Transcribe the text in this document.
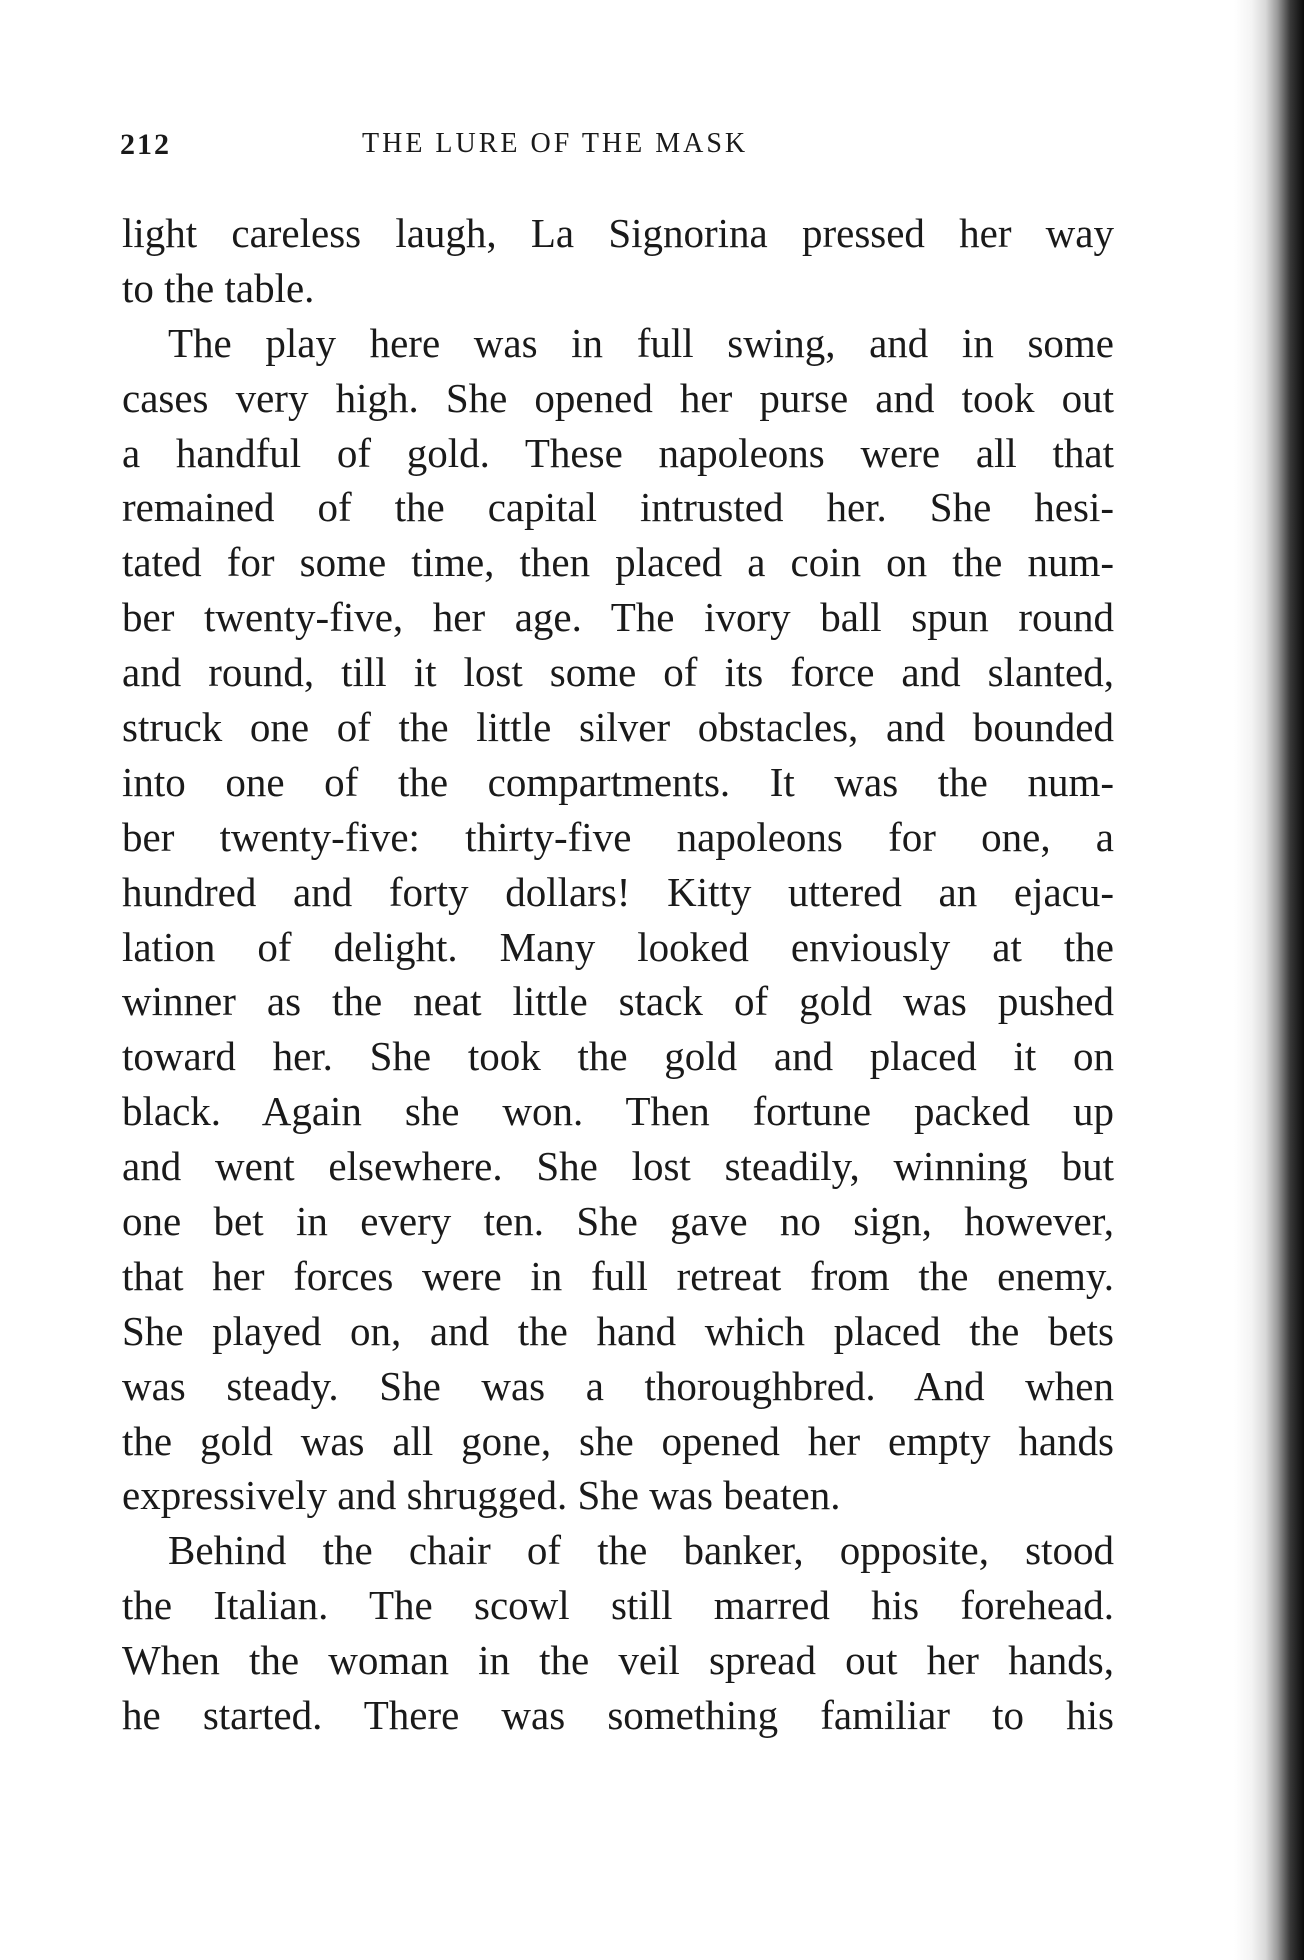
212	THE LURE OF THE MASK
light careless laugh, La Signorina pressed her way
to the table.
The play here was in full swing, and in some
cases very high. She opened her purse and took out
a handful of gold. These napoleons were all that
remained of the capital intrusted her. She hesi-
tated for some time, then placed a coin on the num-
ber twenty-five, her age. The ivory ball spun round
and round, till it lost some of its force and slanted,
struck one of the little silver obstacles, and bounded
into one of the compartments. It was the num-
ber twenty-five: thirty-five napoleons for one, a
hundred and forty dollars! Kitty uttered an ejacu-
lation of delight. Many looked enviously at the
winner as the neat little stack of gold was pushed
toward her. She took the gold and placed it on
black. Again she won. Then fortune packed up
and went elsewhere. She lost steadily, winning but
one bet in every ten. She gave no sign, however,
that her forces were in full retreat from the enemy.
She played on, and the hand which placed the bets
was steady. She was a thoroughbred. And when
the gold was all gone, she opened her empty hands
expressively and shrugged. She was beaten.
Behind the chair of the banker, opposite, stood
the Italian. The scowl still marred his forehead.
When the woman in the veil spread out her hands,
he started. There was something familiar to his
